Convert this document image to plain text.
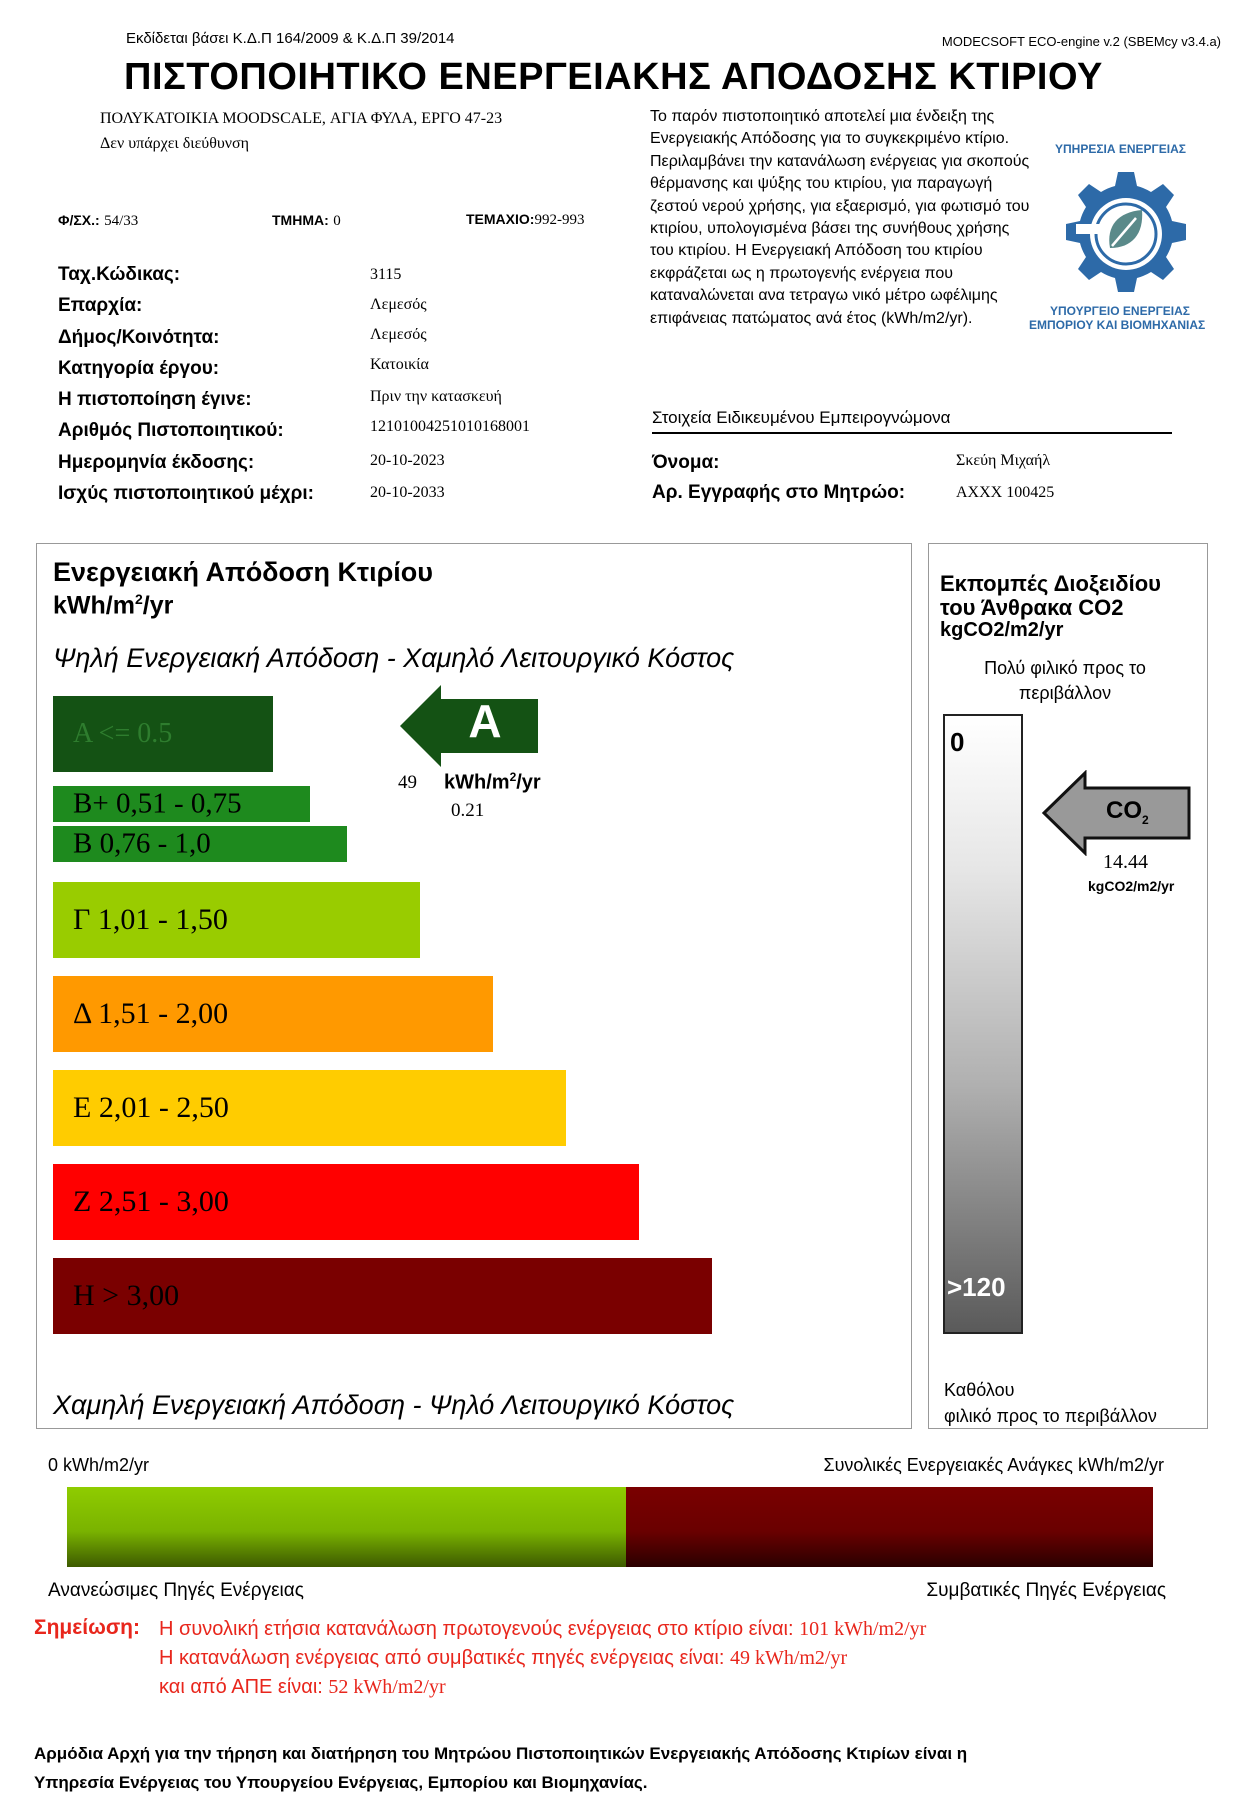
Εκδίδεται βάσει Κ.Δ.Π 164/2009 & Κ.Δ.Π 39/2014	MODECSOFT ECO-engine v.2 (SBEMcy v3.4.a)
ΠΙΣΤΟΠΟΙΗΤΙΚΟ ΕΝΕΡΓΕΙΑΚΗΣ ΑΠΟΔΟΣΗΣ ΚΤΙΡΙΟΥ
ΠΟΛΥΚΑΤΟΙΚΙΑ MOODSCALE, ΑΓΙΑ ΦΥΛΑ, ΕΡΓΟ 47-23
Δεν υπάρχει διεύθυνση
Το παρόν πιστοποιητικό αποτελεί μια ένδειξη της Ενεργειακής Απόδοσης για το συγκεκριμένο κτίριο. Περιλαμβάνει την κατανάλωση ενέργειας για σκοπούς θέρμανσης και ψύξης του κτιρίου, για παραγωγή ζεστού νερού χρήσης, για εξαερισμό, για φωτισμό του κτιρίου, υπολογισμένα βάσει της συνήθους χρήσης του κτιρίου. Η Ενεργειακή Απόδοση του κτιρίου εκφράζεται ως η πρωτογενής ενέργεια που καταναλώνεται ανα τετραγω νικό μέτρο ωφέλιμης επιφάνειας πατώματος ανά έτος (kWh/m2/yr).
Φ/ΣΧ.: 54/33	ΤΜΗΜΑ: 0	ΤΕΜΑΧΙΟ:992-993
Ταχ.Κώδικας:	3115
Επαρχία:	Λεμεσός
Δήμος/Κοινότητα:	Λεμεσός
Κατηγορία έργου:	Κατοικία
Η πιστοποίηση έγινε:	Πριν την κατασκευή
Αριθμός Πιστοποιητικού:	12101004251010168001
Ημερομηνία έκδοσης:	20-10-2023
Ισχύς πιστοποιητικού μέχρι:	20-10-2033
ΥΠΗΡΕΣΙΑ ΕΝΕΡΓΕΙΑΣ
ΥΠΟΥΡΓΕΙΟ ΕΝΕΡΓΕΙΑΣ
ΕΜΠΟΡΙΟΥ ΚΑΙ ΒΙΟΜΗΧΑΝΙΑΣ
Στοιχεία Ειδικευμένου Εμπειρογνώμονα
Όνομα:	Σκεύη Μιχαήλ
Αρ. Εγγραφής στο Μητρώο:	ΑΧΧΧ 100425
Ενεργειακή Απόδοση Κτιρίου
kWh/$m^2/yr$
Ψηλή Ενεργειακή Απόδοση - Χαμηλό Λειτουργικό Κόστος
A <= 0.5
B+ 0,51 - 0,75
B 0,76 - 1,0
Γ 1,01 - 1,50
Δ 1,51 - 2,00
Ε 2,01 - 2,50
Ζ 2,51 - 3,00
Η > 3,00
A
49 kWh/$m^2/yr$
0.21
Χαμηλή Ενεργειακή Απόδοση - Ψηλό Λειτουργικό Κόστος
Εκπομπές Διοξειδίου
του Άνθρακα CO2
kgCO2/m2/yr
Πολύ φιλικό προς το περιβάλλον
0
>120
$CO_2$
14.44
kgCO2/m2/yr
Καθόλου
φιλικό προς το περιβάλλον
0 kWh/m2/yr	Συνολικές Ενεργειακές Ανάγκες kWh/m2/yr
Ανανεώσιμες Πηγές Ενέργειας	Συμβατικές Πηγές Ενέργειας
Σημείωση: Η συνολική ετήσια κατανάλωση πρωτογενούς ενέργειας στο κτίριο είναι: 101 kWh/m2/yr
Η κατανάλωση ενέργειας από συμβατικές πηγές ενέργειας είναι: 49 kWh/m2/yr
και από ΑΠΕ είναι: 52 kWh/m2/yr
Αρμόδια Αρχή για την τήρηση και διατήρηση του Μητρώου Πιστοποιητικών Ενεργειακής Απόδοσης Κτιρίων είναι η
Υπηρεσία Ενέργειας του Υπουργείου Ενέργειας, Εμπορίου και Βιομηχανίας.
